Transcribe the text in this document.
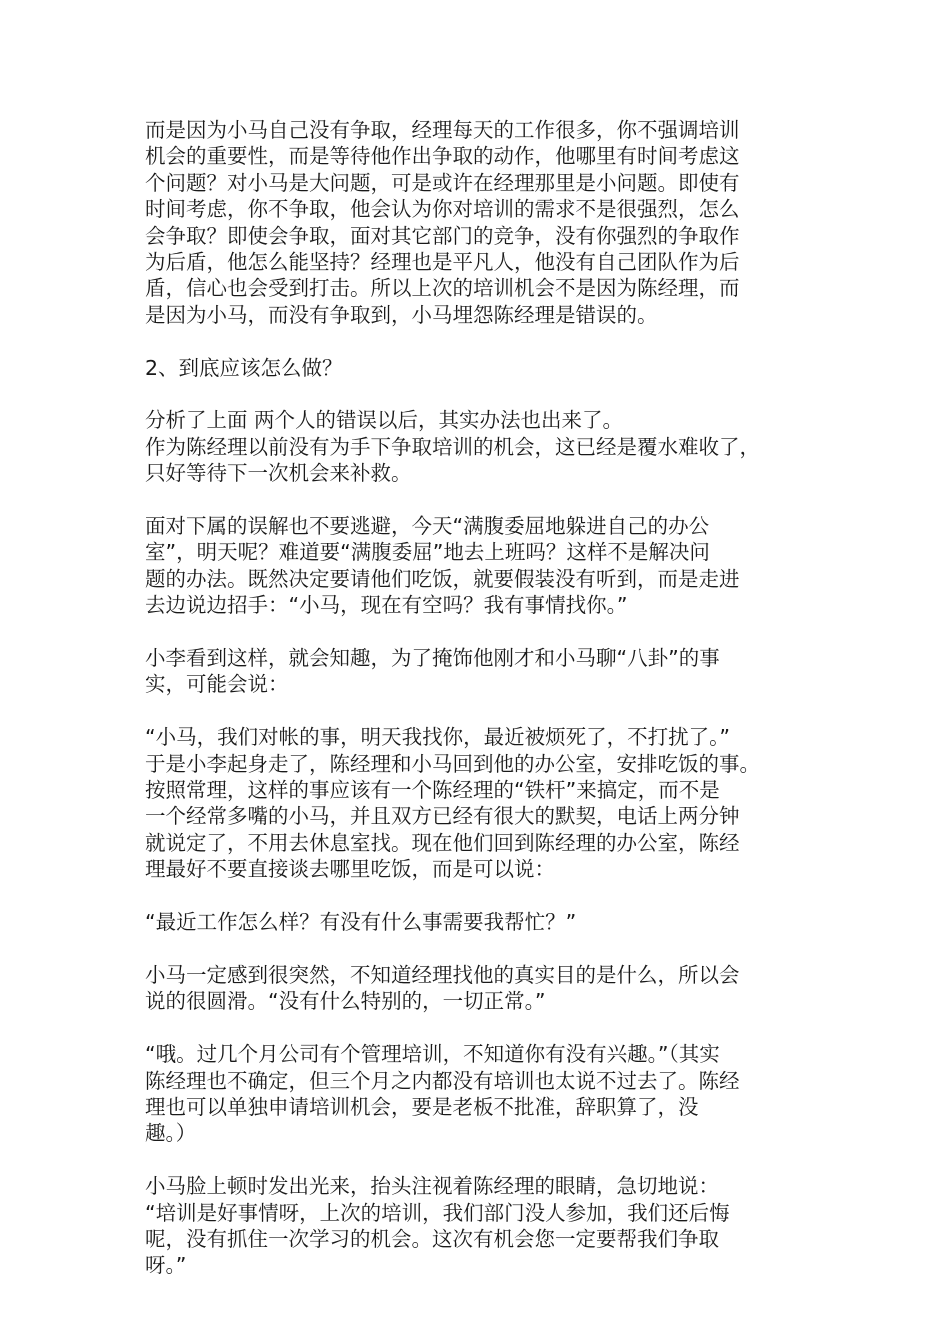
而是因为小马自己没有争取，经理每天的工作很多，你不强调培训
机会的重要性，而是等待他作出争取的动作，他哪里有时间考虑这
个问题？对小马是大问题，可是或许在经理那里是小问题。即使有
时间考虑，你不争取，他会认为你对培训的需求不是很强烈，怎么
会争取？即使会争取，面对其它部门的竞争，没有你强烈的争取作
为后盾，他怎么能坚持？经理也是平凡人，他没有自己团队作为后
盾，信心也会受到打击。所以上次的培训机会不是因为陈经理，而
是因为小马，而没有争取到，小马埋怨陈经理是错误的。
2、到底应该怎么做？
分析了上面 两个人的错误以后，其实办法也出来了。
作为陈经理以前没有为手下争取培训的机会，这已经是覆水难收了，
只好等待下一次机会来补救。
面对下属的误解也不要逃避，今天“满腹委屈地躲进自己的办公
室”，明天呢？难道要“满腹委屈”地去上班吗？这样不是解决问
题的办法。既然决定要请他们吃饭，就要假装没有听到，而是走进
去边说边招手：“小马，现在有空吗？我有事情找你。”
小李看到这样，就会知趣，为了掩饰他刚才和小马聊“八卦”的事
实，可能会说：
“小马，我们对帐的事，明天我找你，最近被烦死了，不打扰了。”
于是小李起身走了，陈经理和小马回到他的办公室，安排吃饭的事。
按照常理，这样的事应该有一个陈经理的“铁杆”来搞定，而不是
一个经常多嘴的小马，并且双方已经有很大的默契，电话上两分钟
就说定了，不用去休息室找。现在他们回到陈经理的办公室，陈经
理最好不要直接谈去哪里吃饭，而是可以说：
“最近工作怎么样？有没有什么事需要我帮忙？”
小马一定感到很突然，不知道经理找他的真实目的是什么，所以会
说的很圆滑。“没有什么特别的，一切正常。”
“哦。过几个月公司有个管理培训，不知道你有没有兴趣。”（其实
陈经理也不确定，但三个月之内都没有培训也太说不过去了。陈经
理也可以单独申请培训机会，要是老板不批准，辞职算了，没
趣。）
小马脸上顿时发出光来，抬头注视着陈经理的眼睛，急切地说：
“培训是好事情呀，上次的培训，我们部门没人参加，我们还后悔
呢，没有抓住一次学习的机会。这次有机会您一定要帮我们争取
呀。”
